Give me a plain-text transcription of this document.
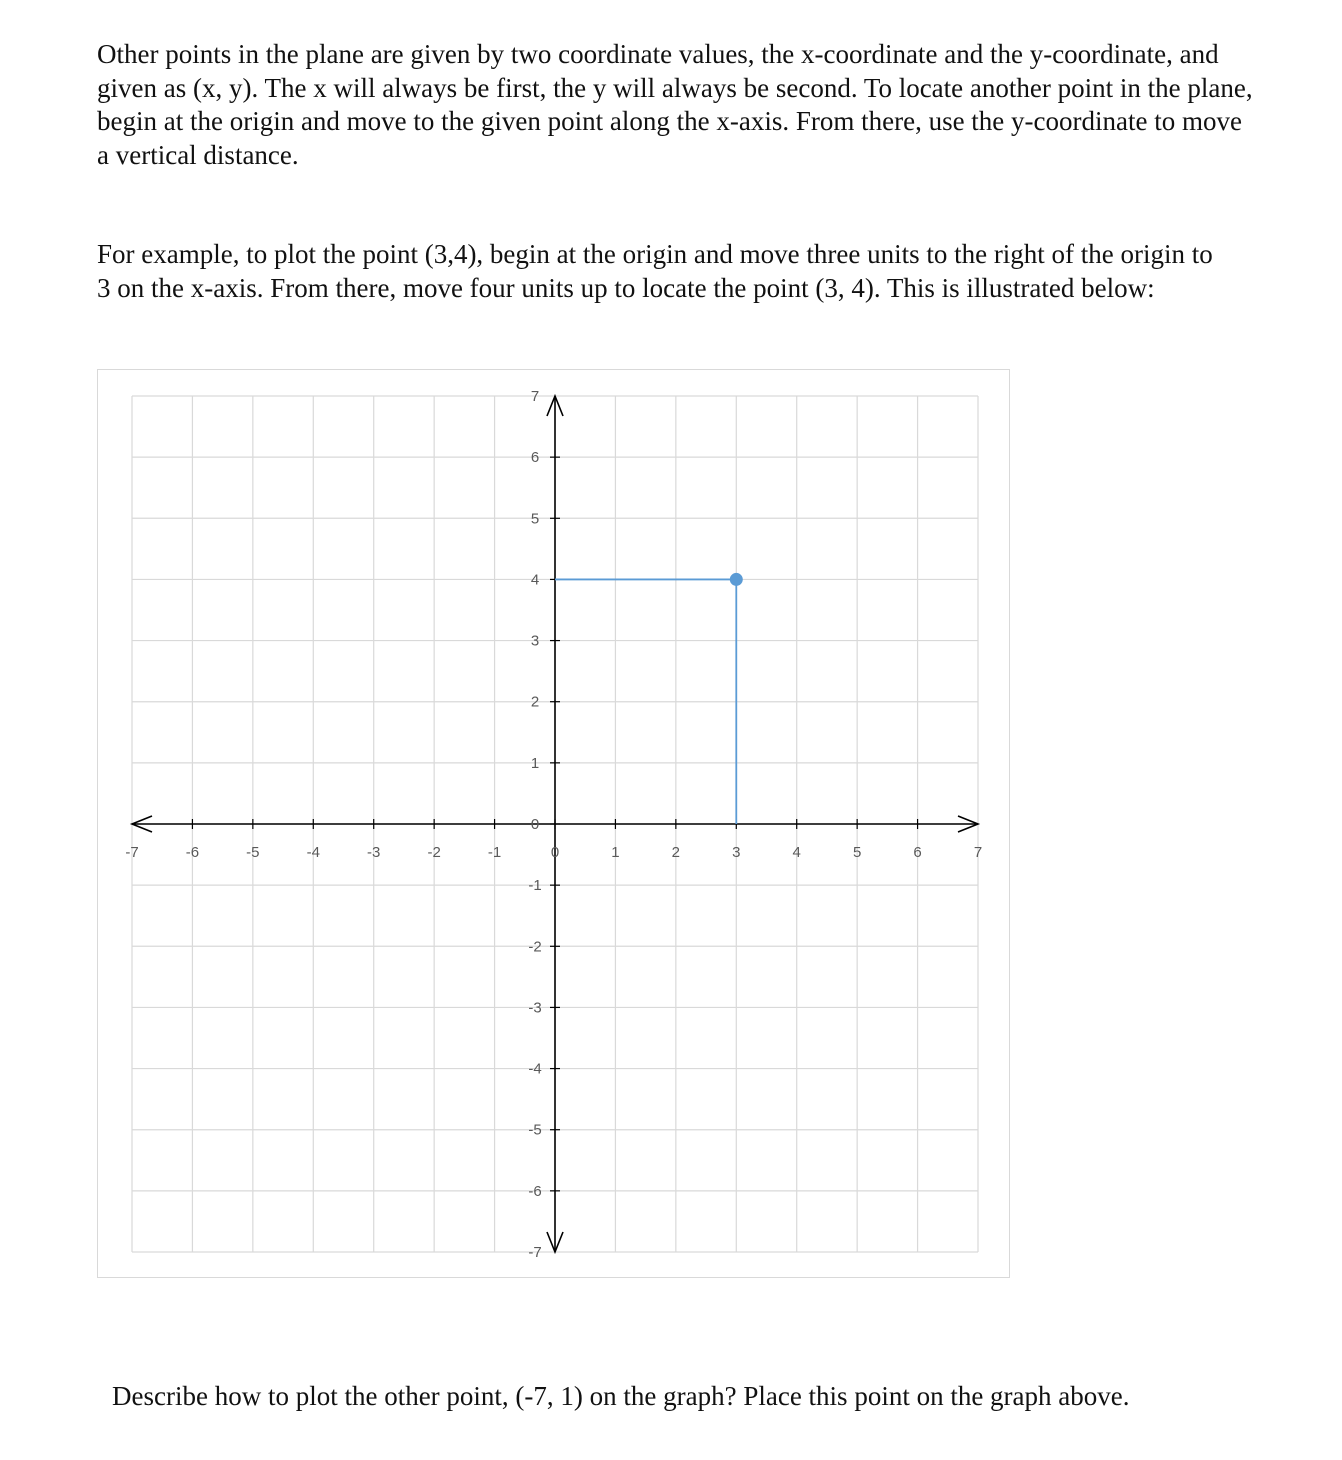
Other points in the plane are given by two coordinate values, the x-coordinate and the y-coordinate, and given as (x, y). The x will always be first, the y will always be second. To locate another point in the plane, begin at the origin and move to the given point along the x-axis. From there, use the y-coordinate to move a vertical distance.

For example, to plot the point (3,4), begin at the origin and move three units to the right of the origin to 3 on the x-axis. From there, move four units up to locate the point (3, 4). This is illustrated below:

-7	-6	-5	-4	-3	-2	-1	0	1	2	3	4	5	6	7
-7
-6
-5
-4
-3
-2
-1
0
1
2
3
4
5
6
7

Describe how to plot the other point, (-7, 1) on the graph? Place this point on the graph above.
